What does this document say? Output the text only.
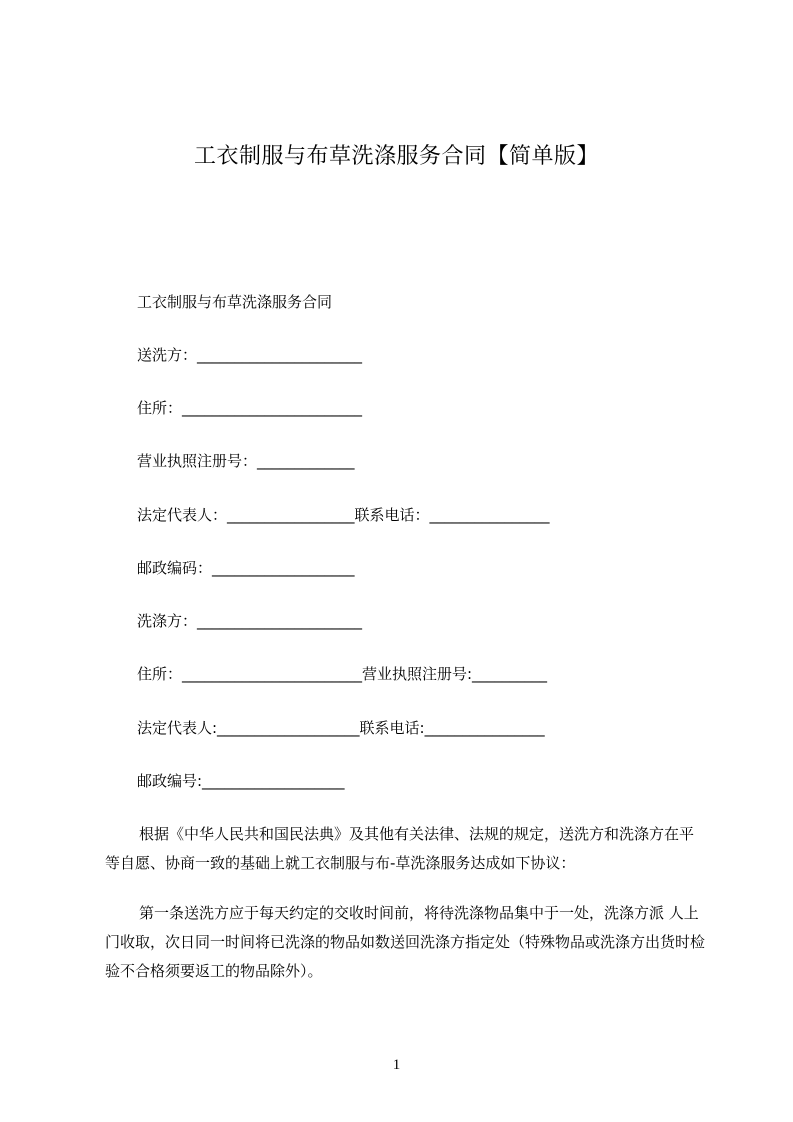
工衣制服与布草洗涤服务合同【简单版】
工衣制服与布草洗涤服务合同
送洗方：______________________
住所：________________________
营业执照注册号：_____________
法定代表人：_________________联系电话：________________
邮政编码：___________________
洗涤方：______________________
住所：________________________营业执照注册号:__________
法定代表人:___________________联系电话:________________
邮政编号:___________________

根据《中华人民共和国民法典》及其他有关法律、法规的规定，送洗方和洗涤方在平等自愿、协商一致的基础上就工衣制服与布-草洗涤服务达成如下协议：

第一条送洗方应于每天约定的交收时间前，将待洗涤物品集中于一处，洗涤方派 人上门收取，次日同一时间将已洗涤的物品如数送回洗涤方指定处（特殊物品或洗涤方出货时检验不合格须要返工的物品除外）。

1
